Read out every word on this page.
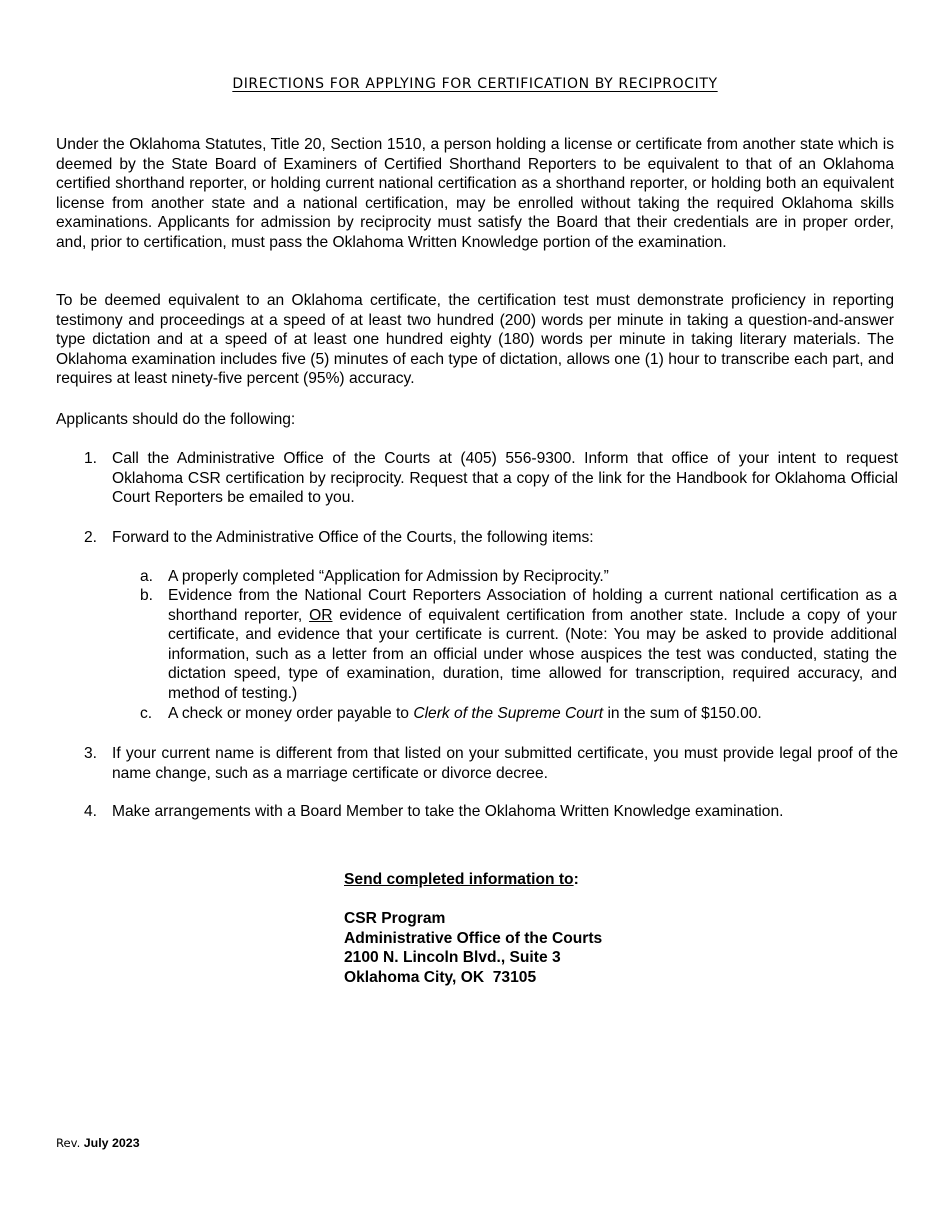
DIRECTIONS FOR APPLYING FOR CERTIFICATION BY RECIPROCITY

Under the Oklahoma Statutes, Title 20, Section 1510, a person holding a license or certificate from another state which is deemed by the State Board of Examiners of Certified Shorthand Reporters to be equivalent to that of an Oklahoma certified shorthand reporter, or holding current national certification as a shorthand reporter, or holding both an equivalent license from another state and a national certification, may be enrolled without taking the required Oklahoma skills examinations. Applicants for admission by reciprocity must satisfy the Board that their credentials are in proper order, and, prior to certification, must pass the Oklahoma Written Knowledge portion of the examination.

To be deemed equivalent to an Oklahoma certificate, the certification test must demonstrate proficiency in reporting testimony and proceedings at a speed of at least two hundred (200) words per minute in taking a question-and-answer type dictation and at a speed of at least one hundred eighty (180) words per minute in taking literary materials. The Oklahoma examination includes five (5) minutes of each type of dictation, allows one (1) hour to transcribe each part, and requires at least ninety-five percent (95%) accuracy.

Applicants should do the following:

1. Call the Administrative Office of the Courts at (405) 556-9300. Inform that office of your intent to request Oklahoma CSR certification by reciprocity. Request that a copy of the link for the Handbook for Oklahoma Official Court Reporters be emailed to you.

2. Forward to the Administrative Office of the Courts, the following items:

a. A properly completed “Application for Admission by Reciprocity.”

b. Evidence from the National Court Reporters Association of holding a current national certification as a shorthand reporter, OR evidence of equivalent certification from another state. Include a copy of your certificate, and evidence that your certificate is current. (Note: You may be asked to provide additional information, such as a letter from an official under whose auspices the test was conducted, stating the dictation speed, type of examination, duration, time allowed for transcription, required accuracy, and method of testing.)

c.	A check or money order payable to Clerk of the Supreme Court in the sum of $150.00.

3. If your current name is different from that listed on your submitted certificate, you must provide legal proof of the name change, such as a marriage certificate or divorce decree.

4. Make arrangements with a Board Member to take the Oklahoma Written Knowledge examination.

Send completed information to:

CSR Program
Administrative Office of the Courts
2100 N. Lincoln Blvd., Suite 3
Oklahoma City, OK  73105
Rev. July 2023
